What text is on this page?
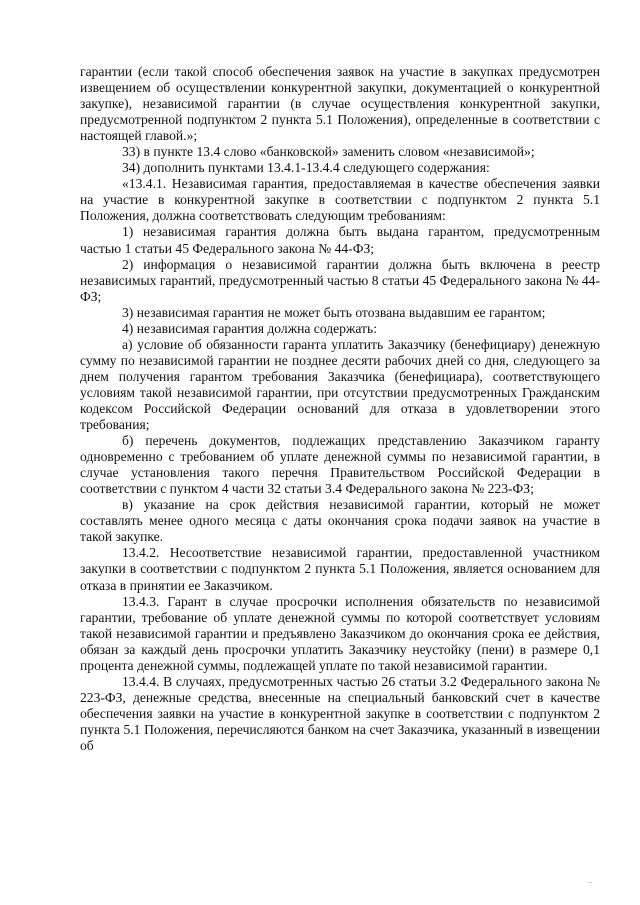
гарантии (если такой способ обеспечения заявок на участие в закупках предусмотрен извещением об осуществлении конкурентной закупки, документацией о конкурентной закупке), независимой гарантии (в случае осуществления конкурентной закупки, предусмотренной подпунктом 2 пункта 5.1 Положения), определенные в соответствии с настоящей главой.»;

33) в пункте 13.4 слово «банковской» заменить словом «независимой»;

34) дополнить пунктами 13.4.1-13.4.4 следующего содержания:

«13.4.1. Независимая гарантия, предоставляемая в качестве обеспечения заявки на участие в конкурентной закупке в соответствии с подпунктом 2 пункта 5.1 Положения, должна соответствовать следующим требованиям:

1) независимая гарантия должна быть выдана гарантом, предусмотренным частью 1 статьи 45 Федерального закона № 44-ФЗ;

2) информация о независимой гарантии должна быть включена в реестр независимых гарантий, предусмотренный частью 8 статьи 45 Федерального закона № 44-ФЗ;

3) независимая гарантия не может быть отозвана выдавшим ее гарантом;

4) независимая гарантия должна содержать:

а) условие об обязанности гаранта уплатить Заказчику (бенефициару) денежную сумму по независимой гарантии не позднее десяти рабочих дней со дня, следующего за днем получения гарантом требования Заказчика (бенефициара), соответствующего условиям такой независимой гарантии, при отсутствии предусмотренных Гражданским кодексом Российской Федерации оснований для отказа в удовлетворении этого требования;

б) перечень документов, подлежащих представлению Заказчиком гаранту одновременно с требованием об уплате денежной суммы по независимой гарантии, в случае установления такого перечня Правительством Российской Федерации в соответствии с пунктом 4 части 32 статьи 3.4 Федерального закона № 223-ФЗ;

в) указание на срок действия независимой гарантии, который не может составлять менее одного месяца с даты окончания срока подачи заявок на участие в такой закупке.

13.4.2. Несоответствие независимой гарантии, предоставленной участником закупки в соответствии с подпунктом 2 пункта 5.1 Положения, является основанием для отказа в принятии ее Заказчиком.

13.4.3. Гарант в случае просрочки исполнения обязательств по независимой гарантии, требование об уплате денежной суммы по которой соответствует условиям такой независимой гарантии и предъявлено Заказчиком до окончания срока ее действия, обязан за каждый день просрочки уплатить Заказчику неустойку (пени) в размере 0,1 процента денежной суммы, подлежащей уплате по такой независимой гарантии.

13.4.4. В случаях, предусмотренных частью 26 статьи 3.2 Федерального закона № 223-ФЗ, денежные средства, внесенные на специальный банковский счет в качестве обеспечения заявки на участие в конкурентной закупке в соответствии с подпунктом 2 пункта 5.1 Положения, перечисляются банком на счет Заказчика, указанный в извещении об
